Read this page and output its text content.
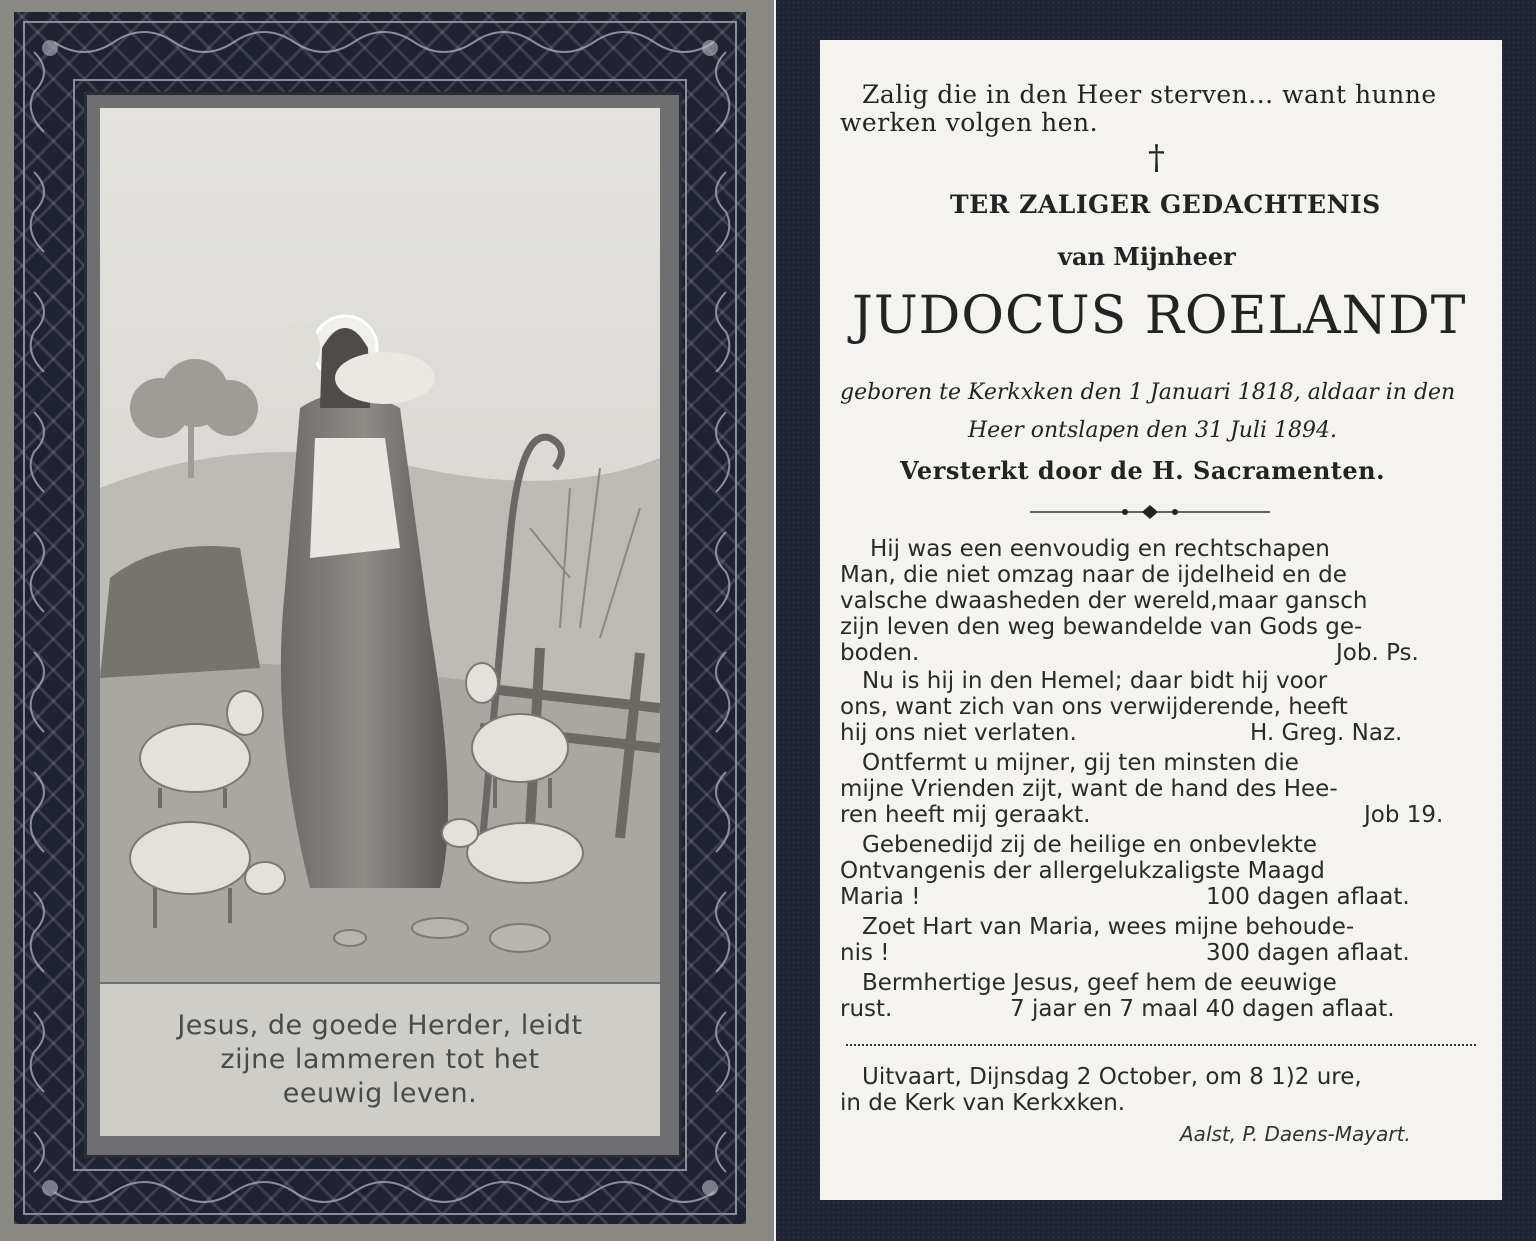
Jesus, de goede Herder, leidt
zijne lammeren tot het
eeuwig leven.
Zalig die in den Heer sterven... want hunne
werken volgen hen.
†
TER ZALIGER GEDACHTENIS
van Mijnheer
JUDOCUS ROELANDT
geboren te Kerkxken den 1 Januari 1818, aldaar in den
Heer ontslapen den 31 Juli 1894.
Versterkt door de H. Sacramenten.
Hij was een eenvoudig en rechtschapen
Man, die niet omzag naar de ijdelheid en de
valsche dwaasheden der wereld,maar gansch
zijn leven den weg bewandelde van Gods ge-
boden.	Job. Ps.
Nu is hij in den Hemel; daar bidt hij voor
ons, want zich van ons verwijderende, heeft
hij ons niet verlaten.	H. Greg. Naz.
Ontfermt u mijner, gij ten minsten die
mijne Vrienden zijt, want de hand des Hee-
ren heeft mij geraakt.	Job 19.
Gebenedijd zij de heilige en onbevlekte
Ontvangenis der allergelukzaligste Maagd
Maria !	100 dagen aflaat.
Zoet Hart van Maria, wees mijne behoude-
nis !	300 dagen aflaat.
Bermhertige Jesus, geef hem de eeuwige
rust.	7 jaar en 7 maal 40 dagen aflaat.
Uitvaart, Dijnsdag 2 October, om 8 1)2 ure,
in de Kerk van Kerkxken.
Aalst, P. Daens-Mayart.
